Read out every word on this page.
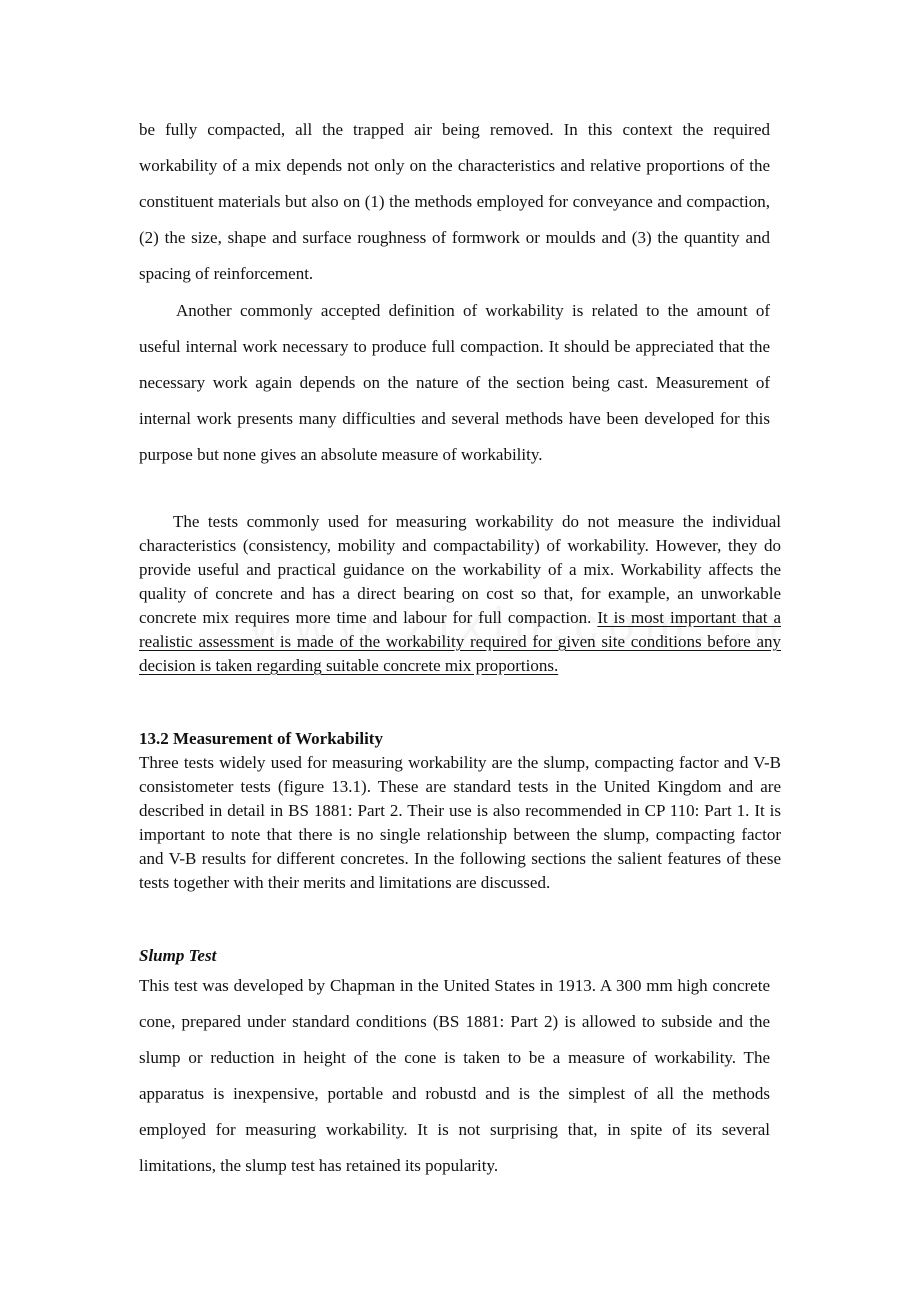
be fully compacted, all the trapped air being removed. In this context the required workability of a mix depends not only on the characteristics and relative proportions of the constituent materials but also on (1) the methods employed for conveyance and compaction, (2) the size, shape and surface roughness of formwork or moulds and (3) the quantity and spacing of reinforcement.

Another commonly accepted definition of workability is related to the amount of useful internal work necessary to produce full compaction. It should be appreciated that the necessary work again depends on the nature of the section being cast. Measurement of internal work presents many difficulties and several methods have been developed for this purpose but none gives an absolute measure of workability.

The tests commonly used for measuring workability do not measure the individual characteristics (consistency, mobility and compactability) of workability. However, they do provide useful and practical guidance on the workability of a mix. Workability affects the quality of concrete and has a direct bearing on cost so that, for example, an unworkable concrete mix requires more time and labour for full compaction. It is most important that a realistic assessment is made of the workability required for given site conditions before any decision is taken regarding suitable concrete mix proportions.

13.2 Measurement of Workability

Three tests widely used for measuring workability are the slump, compacting factor and V-B consistometer tests (figure 13.1). These are standard tests in the United Kingdom and are described in detail in BS 1881: Part 2. Their use is also recommended in CP 110: Part 1. It is important to note that there is no single relationship between the slump, compacting factor and V-B results for different concretes. In the following sections the salient features of these tests together with their merits and limitations are discussed.

Slump Test

This test was developed by Chapman in the United States in 1913. A 300 mm high concrete cone, prepared under standard conditions (BS 1881: Part 2) is allowed to subside and the slump or reduction in height of the cone is taken to be a measure of workability. The apparatus is inexpensive, portable and robustd and is the simplest of all the methods employed for measuring workability. It is not surprising that, in spite of its several limitations, the slump test has retained its popularity.
